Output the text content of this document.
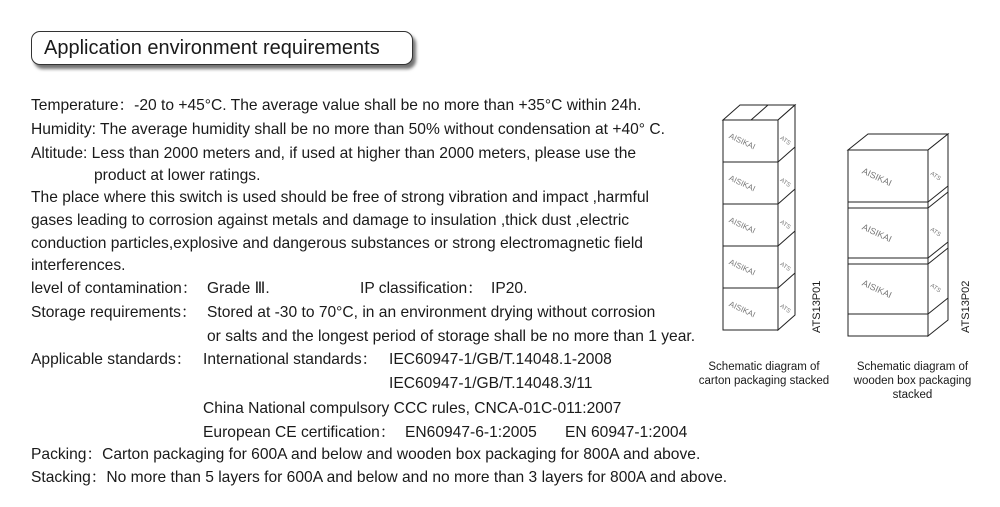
Application environment requirements
Temperature：-20 to +45°C. The average value shall be no more than +35°C within 24h.
Humidity: The average humidity shall be no more than 50% without condensation at +40° C.
Altitude: Less than 2000 meters and, if used at higher than 2000 meters, please use the
product at lower ratings.
The place where this switch is used should be free of strong vibration and impact ,harmful
gases leading to corrosion against metals and damage to insulation ,thick dust ,electric
conduction particles,explosive and dangerous substances or strong electromagnetic field
interferences.
level of contamination： Grade Ⅲ.	IP classification： IP20.
Storage requirements： Stored at -30 to 70°C, in an environment drying without corrosion
or salts and the longest period of storage shall be no more than 1 year.
Applicable standards： International standards： IEC60947-1/GB/T.14048.1-2008
IEC60947-1/GB/T.14048.3/11
China National compulsory CCC rules, CNCA-01C-011:2007
European CE certification： EN60947-6-1:2005 EN 60947-1:2004
Packing：Carton packaging for 600A and below and wooden box packaging for 800A and above.
Stacking：No more than 5 layers for 600A and below and no more than 3 layers for 800A and above.
AISIKAI
AISIKAI
AISIKAI
AISIKAI
AISIKAI
ATS
ATS
ATS
ATS
ATS ATS13P01
AISIKAI
AISIKAI
AISIKAI
ATS
ATS
ATS ATS13P02
Schematic diagram of
carton packaging stacked
Schematic diagram of
wooden box packaging
stacked
